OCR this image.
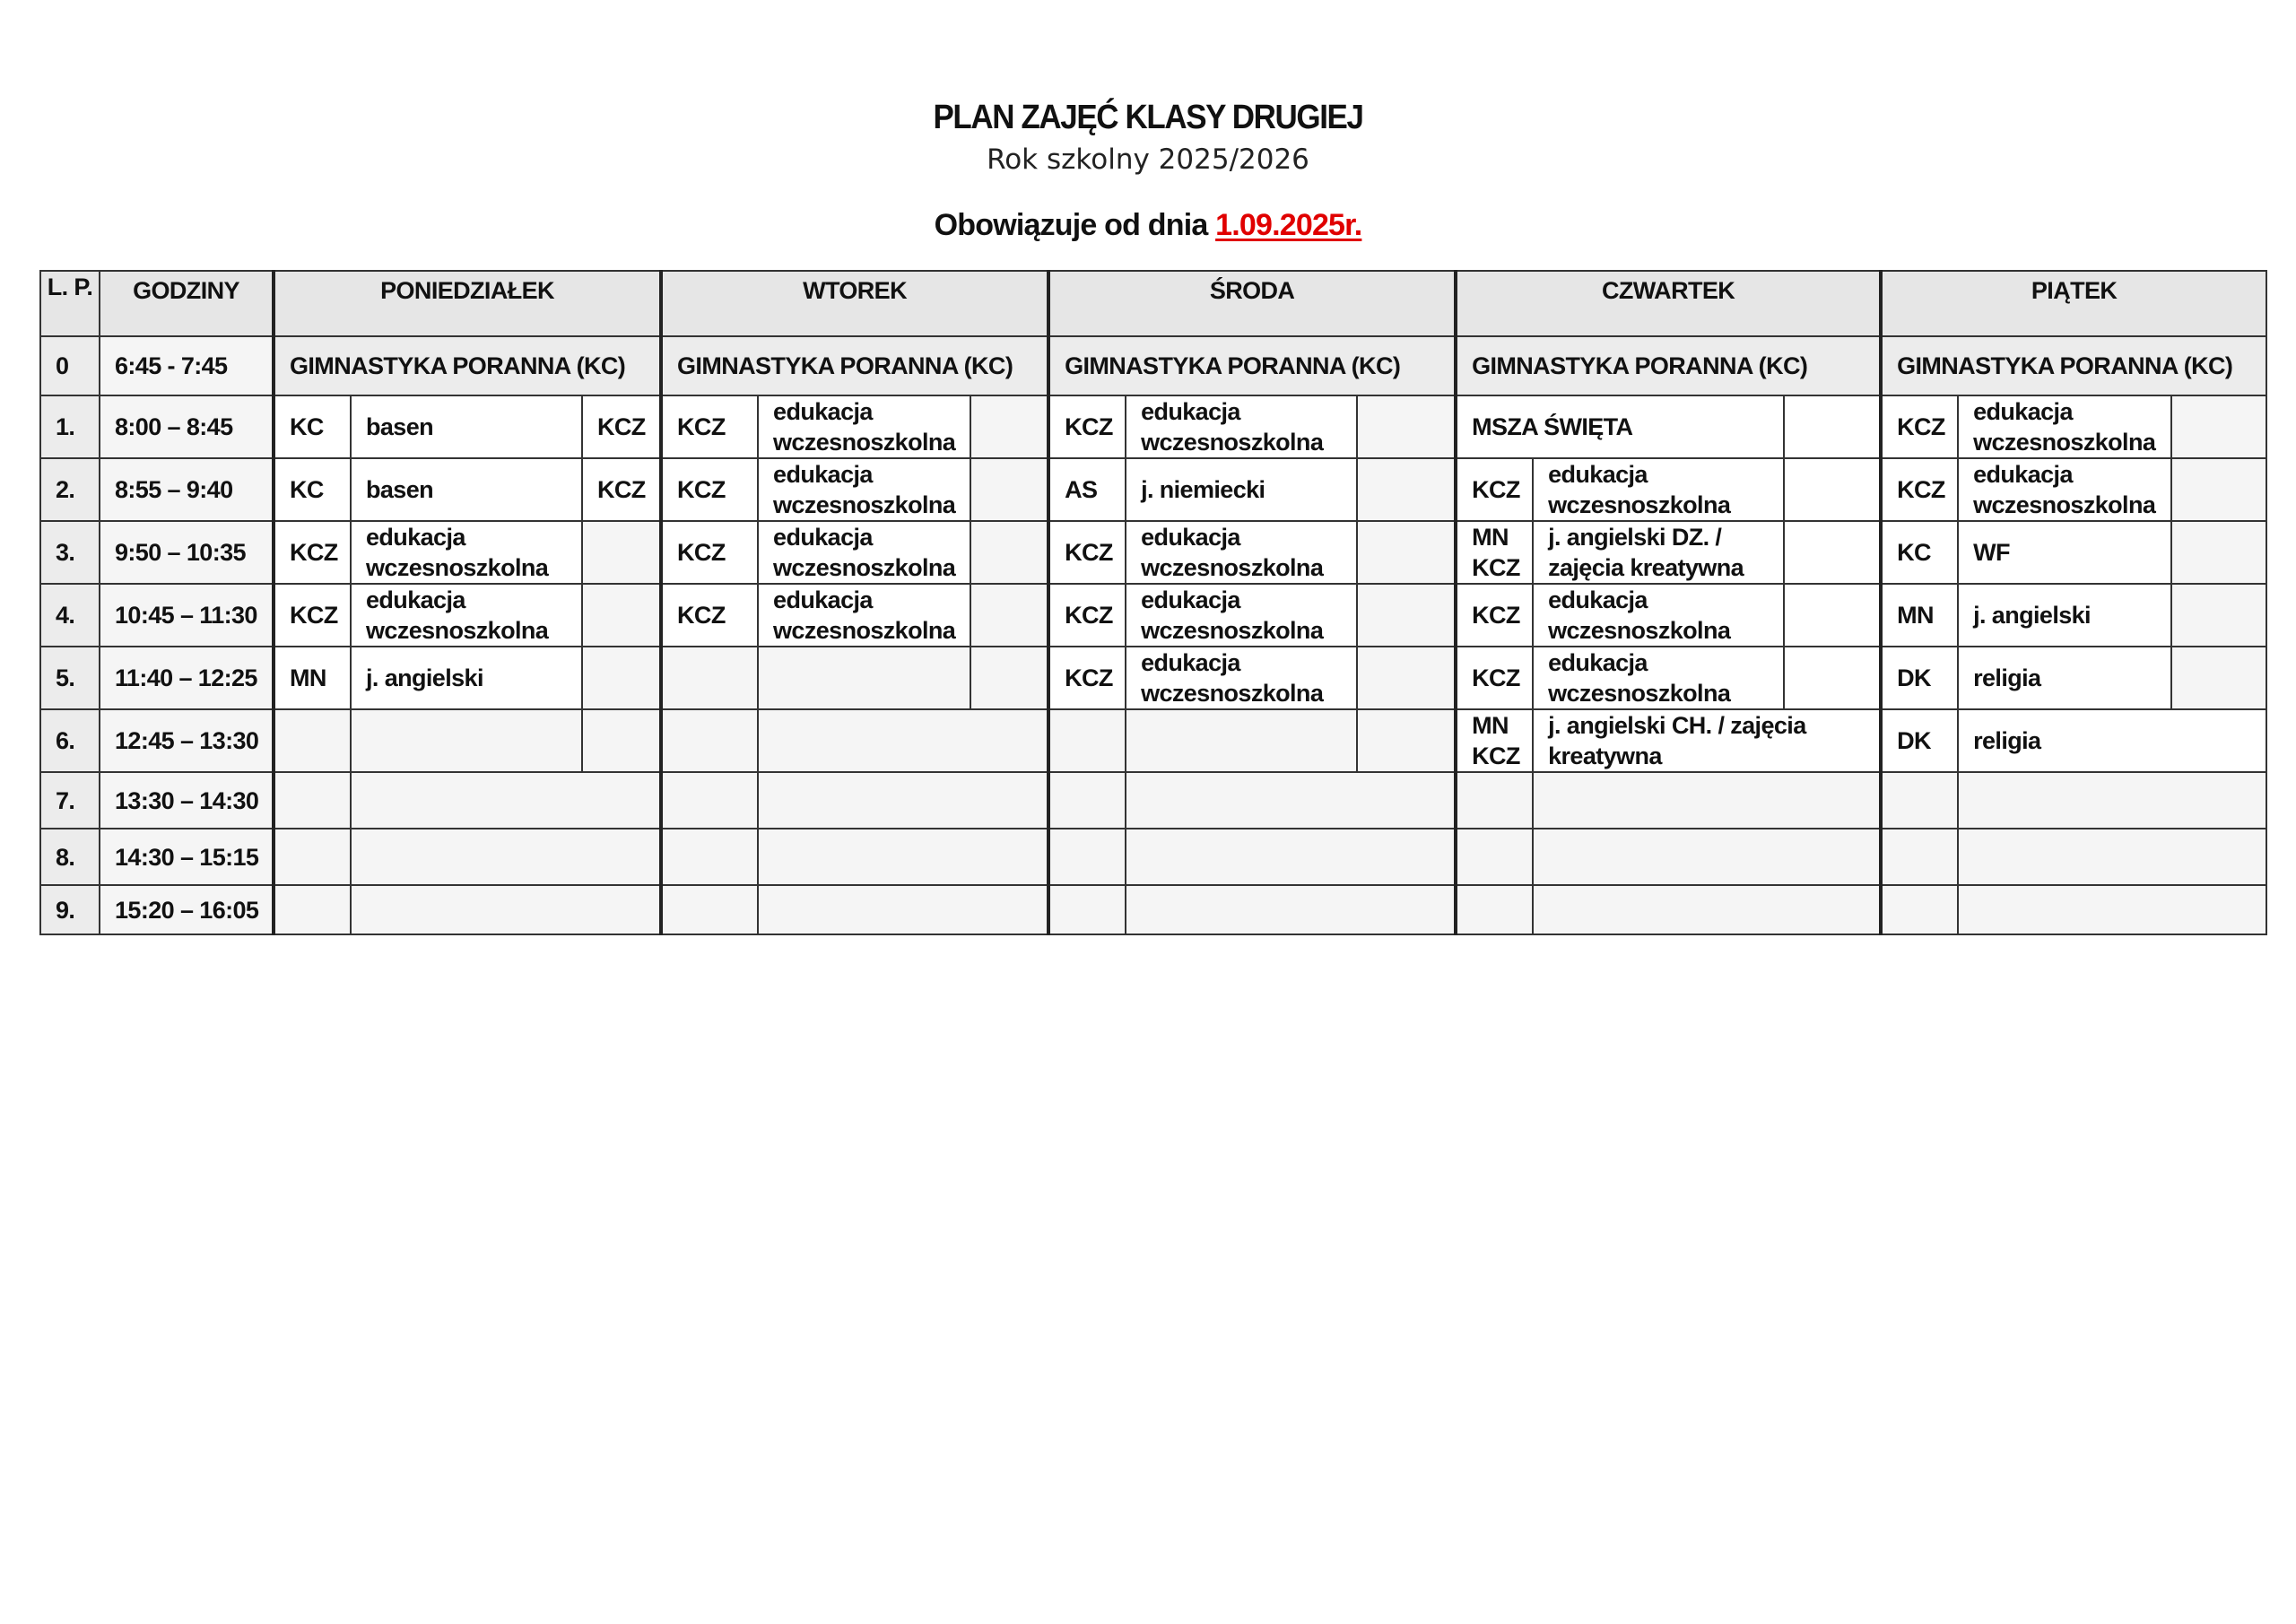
PLAN ZAJĘĆ KLASY DRUGIEJ
Rok szkolny 2025/2026
Obowiązuje od dnia 1.09.2025r.
L. P.	GODZINY	PONIEDZIAŁEK			WTOREK			ŚRODA			CZWARTEK			PIĄTEK		
0	6:45 - 7:45	GIMNASTYKA PORANNA (KC)			GIMNASTYKA PORANNA (KC)			GIMNASTYKA PORANNA (KC)			GIMNASTYKA PORANNA (KC)			GIMNASTYKA PORANNA (KC)		
1.	8:00 – 8:45	KC	basen	KCZ	KCZ	edukacja wczesnoszkolna		KCZ	edukacja wczesnoszkolna		MSZA ŚWIĘTA			KCZ	edukacja wczesnoszkolna	
2.	8:55 – 9:40	KC	basen	KCZ	KCZ	edukacja wczesnoszkolna		AS	j. niemiecki		KCZ	edukacja wczesnoszkolna		KCZ	edukacja wczesnoszkolna	
3.	9:50 – 10:35	KCZ	edukacja wczesnoszkolna		KCZ	edukacja wczesnoszkolna		KCZ	edukacja wczesnoszkolna		MN KCZ	j. angielski DZ. / zajęcia kreatywna		KC	WF	
4.	10:45 – 11:30	KCZ	edukacja wczesnoszkolna		KCZ	edukacja wczesnoszkolna		KCZ	edukacja wczesnoszkolna		KCZ	edukacja wczesnoszkolna		MN	j. angielski	
5.	11:40 – 12:25	MN	j. angielski					KCZ	edukacja wczesnoszkolna		KCZ	edukacja wczesnoszkolna		DK	religia	
6.	12:45 – 13:30										MN KCZ	j. angielski CH. / zajęcia kreatywna		DK	religia	
7.	13:30 – 14:30															
8.	14:30 – 15:15															
9.	15:20 – 16:05															
